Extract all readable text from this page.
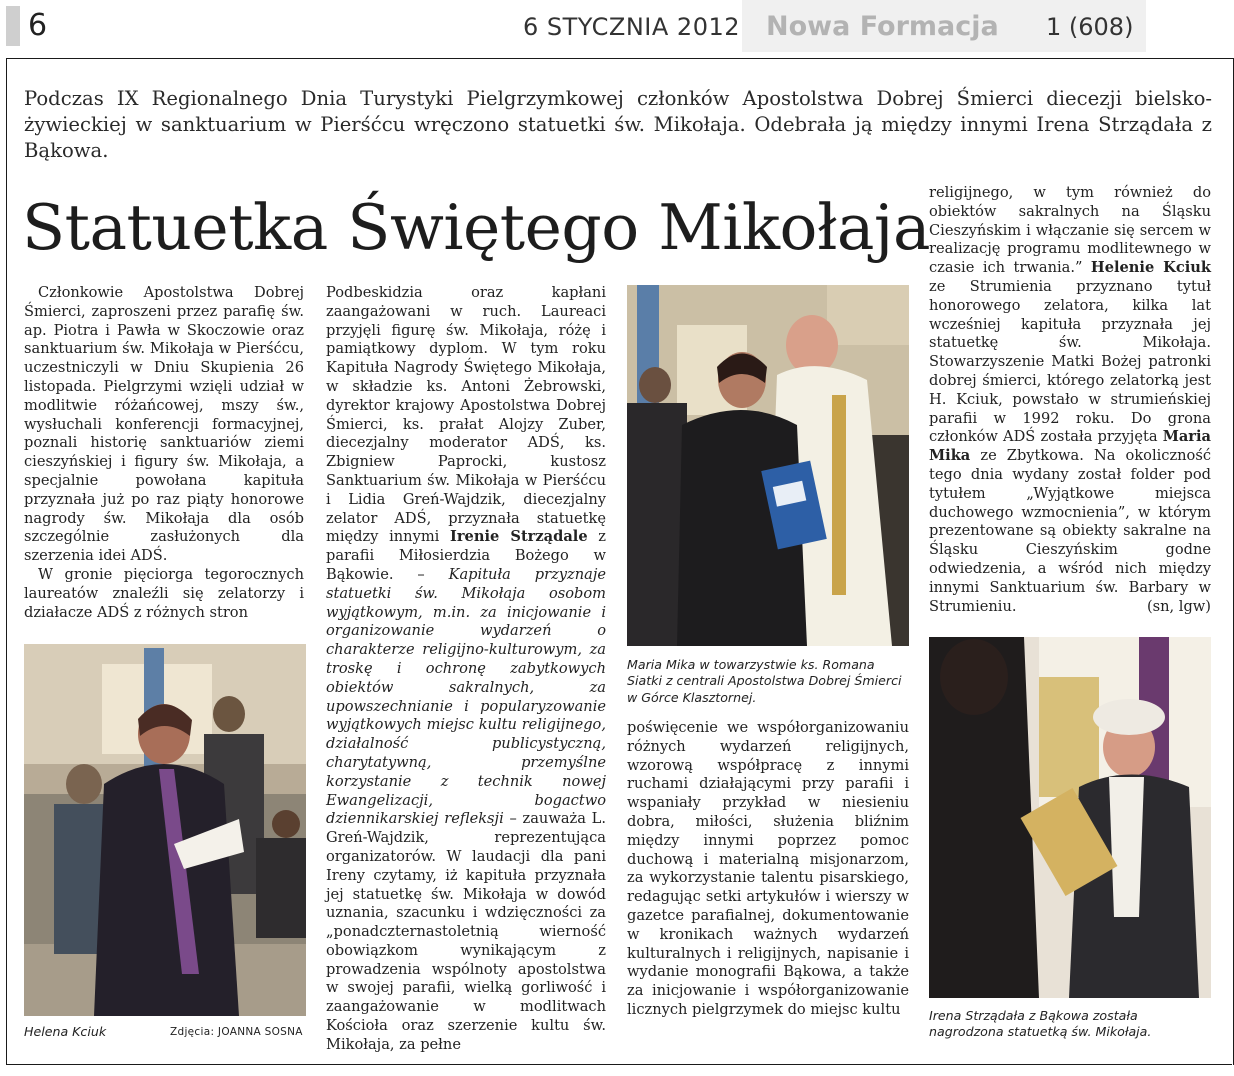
6	6 STYCZNIA 2012 Nowa Formacja 1 (608)
Podczas IX Regionalnego Dnia Turystyki Pielgrzymkowej członków Apostolstwa Dobrej Śmierci diecezji bielsko-żywieckiej w sanktuarium w Pierśćcu wręczono statuetki św. Mikołaja. Odebrała ją między innymi Irena Strządała z Bąkowa.
Statuetka Świętego Mikołaja

Członkowie Apostolstwa Dobrej Śmierci, zaproszeni przez parafię św. ap. Piotra i Pawła w Skoczowie oraz sanktuarium św. Mikołaja w Pierśćcu, uczestniczyli w Dniu Skupienia 26 listopada. Pielgrzymi wzięli udział w modlitwie różańcowej, mszy św., wysłuchali konferencji formacyjnej, poznali historię sanktuariów ziemi cieszyńskiej i figury św. Mikołaja, a specjalnie powołana kapituła przyznała już po raz piąty honorowe nagrody św. Mikołaja dla osób szczególnie zasłużonych dla szerzenia idei ADŚ.

W gronie pięciorga tegorocznych laureatów znaleźli się zelatorzy i działacze ADŚ z różnych stron

Helena Kciuk	Zdjęcia: JOANNA SOSNA

Podbeskidzia oraz kapłani zaangażowani w ruch. Laureaci przyjęli figurę św. Mikołaja, różę i pamiątkowy dyplom. W tym roku Kapituła Nagrody Świętego Mikołaja, w składzie ks. Antoni Żebrowski, dyrektor krajowy Apostolstwa Dobrej Śmierci, ks. prałat Alojzy Zuber, diecezjalny moderator ADŚ, ks. Zbigniew Paprocki, kustosz Sanktuarium św. Mikołaja w Pierśćcu i Lidia Greń-Wajdzik, diecezjalny zelator ADŚ, przyznała statuetkę między innymi Irenie Strządale z parafii Miłosierdzia Bożego w Bąkowie. – Kapituła przyznaje statuetki św. Mikołaja osobom wyjątkowym, m.in. za inicjowanie i organizowanie wydarzeń o charakterze religijno-kulturowym, za troskę i ochronę zabytkowych obiektów sakralnych, za upowszechnianie i popularyzowanie wyjątkowych miejsc kultu religijnego, działalność publicystyczną, charytatywną, przemyślne korzystanie z technik nowej Ewangelizacji, bogactwo dziennikarskiej refleksji – zauważa L. Greń-Wajdzik, reprezentująca organizatorów. W laudacji dla pani Ireny czytamy, iż kapituła przyznała jej statuetkę św. Mikołaja w dowód uznania, szacunku i wdzięczności za „ponadczternastoletnią wierność obowiązkom wynikającym z prowadzenia wspólnoty apostolstwa w swojej parafii, wielką gorliwość i zaangażowanie w modlitwach Kościoła oraz szerzenie kultu św. Mikołaja, za pełne

Maria Mika w towarzystwie ks. Romana Siatki z centrali Apostolstwa Dobrej Śmierci w Górce Klasztornej.

poświęcenie we współorganizowaniu różnych wydarzeń religijnych, wzorową współpracę z innymi ruchami działającymi przy parafii i wspaniały przykład w niesieniu dobra, miłości, służenia bliźnim między innymi poprzez pomoc duchową i materialną misjonarzom, za wykorzystanie talentu pisarskiego, redagując setki artykułów i wierszy w gazetce parafialnej, dokumentowanie w kronikach ważnych wydarzeń kulturalnych i religijnych, napisanie i wydanie monografii Bąkowa, a także za inicjowanie i współorganizowanie licznych pielgrzymek do miejsc kultu

religijnego, w tym również do obiektów sakralnych na Śląsku Cieszyńskim i włączanie się sercem w realizację programu modlitewnego w czasie ich trwania.” Helenie Kciuk ze Strumienia przyznano tytuł honorowego zelatora, kilka lat wcześniej kapituła przyznała jej statuetkę św. Mikołaja. Stowarzyszenie Matki Bożej patronki dobrej śmierci, którego zelatorką jest H. Kciuk, powstało w strumieńskiej parafii w 1992 roku. Do grona członków ADŚ została przyjęta Maria Mika ze Zbytkowa. Na okoliczność tego dnia wydany został folder pod tytułem „Wyjątkowe miejsca duchowego wzmocnienia”, w którym prezentowane są obiekty sakralne na Śląsku Cieszyńskim godne odwiedzenia, a wśród nich między innymi Sanktuarium św. Barbary w Strumieniu.	(sn, lgw)

Irena Strządała z Bąkowa została nagrodzona statuetką św. Mikołaja.
